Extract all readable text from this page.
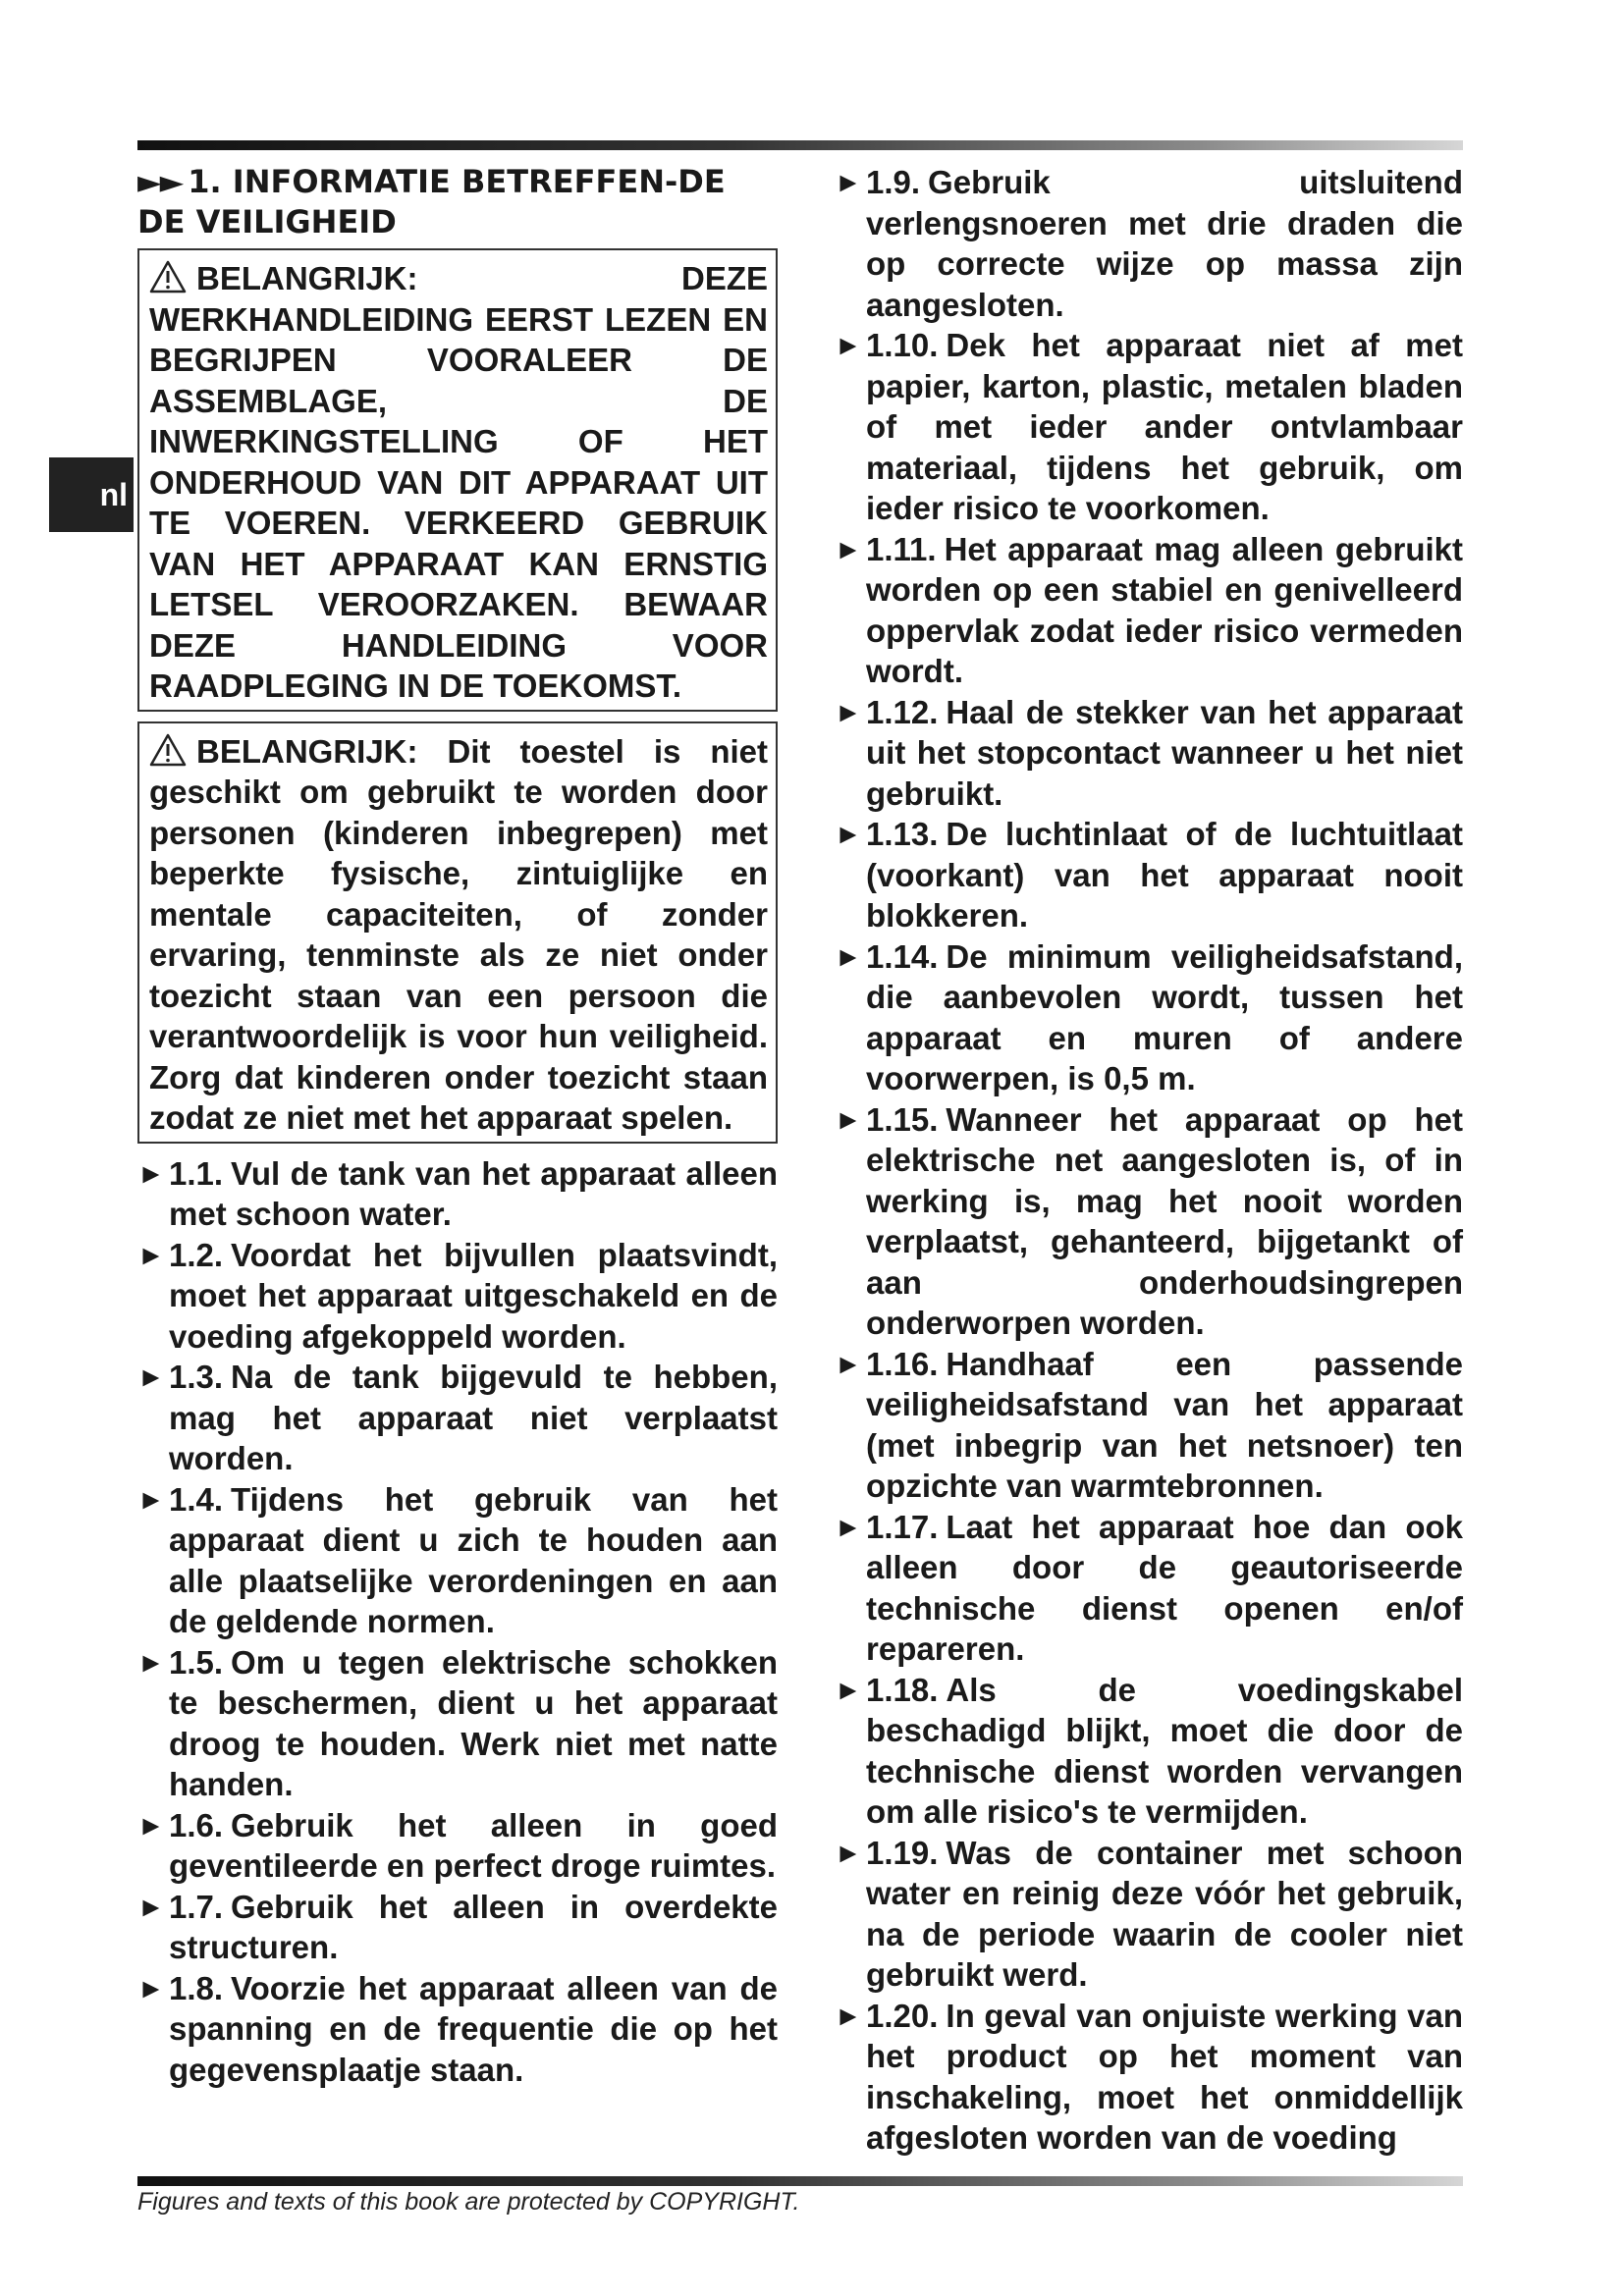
nl
►► 1. INFORMATIE BETREFFEN-DE DE VEILIGHEID
BELANGRIJK: DEZE WERKHANDLEIDING EERST LEZEN EN BEGRIJPEN VOORALEER DE ASSEMBLAGE, DE INWERKINGSTELLING OF HET ONDERHOUD VAN DIT APPARAAT UIT TE VOEREN. VERKEERD GEBRUIK VAN HET APPARAAT KAN ERNSTIG LETSEL VEROORZAKEN. BEWAAR DEZE HANDLEIDING VOOR RAADPLEGING IN DE TOEKOMST.
BELANGRIJK: Dit toestel is niet geschikt om gebruikt te worden door personen (kinderen inbegrepen) met beperkte fysische, zintuiglijke en mentale capaciteiten, of zonder ervaring, tenminste als ze niet onder toezicht staan van een persoon die verantwoordelijk is voor hun veiligheid. Zorg dat kinderen onder toezicht staan zodat ze niet met het apparaat spelen.
► 1.1. Vul de tank van het apparaat alleen met schoon water.
► 1.2. Voordat het bijvullen plaatsvindt, moet het apparaat uitgeschakeld en de voeding afgekoppeld worden.
► 1.3. Na de tank bijgevuld te hebben, mag het apparaat niet verplaatst worden.
► 1.4. Tijdens het gebruik van het apparaat dient u zich te houden aan alle plaatselijke verordeningen en aan de geldende normen.
► 1.5. Om u tegen elektrische schokken te beschermen, dient u het apparaat droog te houden. Werk niet met natte handen.
► 1.6. Gebruik het alleen in goed geventileerde en perfect droge ruimtes.
► 1.7. Gebruik het alleen in overdekte structuren.
► 1.8. Voorzie het apparaat alleen van de spanning en de frequentie die op het gegevensplaatje staan.
► 1.9. Gebruik uitsluitend verlengsnoeren met drie draden die op correcte wijze op massa zijn aangesloten.
► 1.10. Dek het apparaat niet af met papier, karton, plastic, metalen bladen of met ieder ander ontvlambaar materiaal, tijdens het gebruik, om ieder risico te voorkomen.
► 1.11. Het apparaat mag alleen gebruikt worden op een stabiel en genivelleerd oppervlak zodat ieder risico vermeden wordt.
► 1.12. Haal de stekker van het apparaat uit het stopcontact wanneer u het niet gebruikt.
► 1.13. De luchtinlaat of de luchtuitlaat (voorkant) van het apparaat nooit blokkeren.
► 1.14. De minimum veiligheidsafstand, die aanbevolen wordt, tussen het apparaat en muren of andere voorwerpen, is 0,5 m.
► 1.15. Wanneer het apparaat op het elektrische net aangesloten is, of in werking is, mag het nooit worden verplaatst, gehanteerd, bijgetankt of aan onderhoudsingrepen onderworpen worden.
► 1.16. Handhaaf een passende veiligheidsafstand van het apparaat (met inbegrip van het netsnoer) ten opzichte van warmtebronnen.
► 1.17. Laat het apparaat hoe dan ook alleen door de geautoriseerde technische dienst openen en/of repareren.
► 1.18. Als de voedingskabel beschadigd blijkt, moet die door de technische dienst worden vervangen om alle risico's te vermijden.
► 1.19. Was de container met schoon water en reinig deze vóór het gebruik, na de periode waarin de cooler niet gebruikt werd.
► 1.20. In geval van onjuiste werking van het product op het moment van inschakeling, moet het onmiddellijk afgesloten worden van de voeding
Figures and texts of this book are protected by COPYRIGHT.
